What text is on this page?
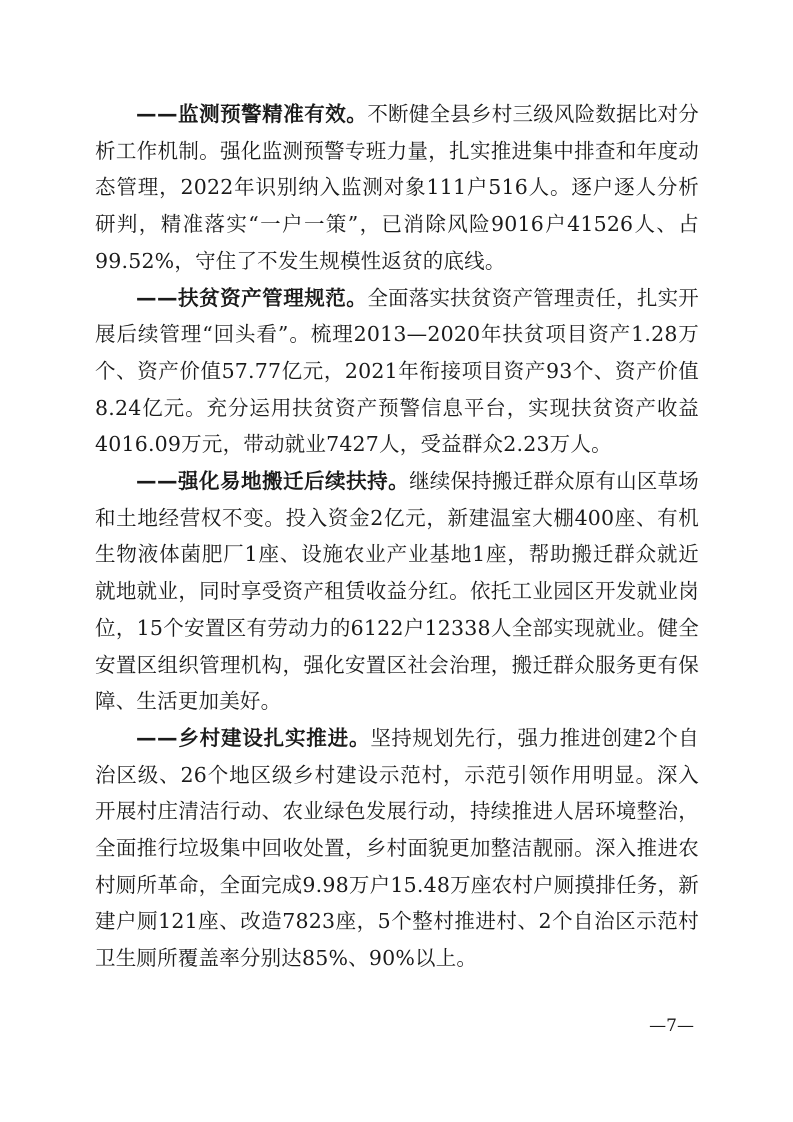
——监测预警精准有效。不断健全县乡村三级风险数据比对分析工作机制。强化监测预警专班力量，扎实推进集中排查和年度动态管理，2022年识别纳入监测对象111户516人。逐户逐人分析研判，精准落实“一户一策”，已消除风险9016户41526人、占99.52%，守住了不发生规模性返贫的底线。

——扶贫资产管理规范。全面落实扶贫资产管理责任，扎实开展后续管理“回头看”。梳理2013—2020年扶贫项目资产1.28万个、资产价值57.77亿元，2021年衔接项目资产93个、资产价值8.24亿元。充分运用扶贫资产预警信息平台，实现扶贫资产收益4016.09万元，带动就业7427人，受益群众2.23万人。

——强化易地搬迁后续扶持。继续保持搬迁群众原有山区草场和土地经营权不变。投入资金2亿元，新建温室大棚400座、有机生物液体菌肥厂1座、设施农业产业基地1座，帮助搬迁群众就近就地就业，同时享受资产租赁收益分红。依托工业园区开发就业岗位，15个安置区有劳动力的6122户12338人全部实现就业。健全安置区组织管理机构，强化安置区社会治理，搬迁群众服务更有保障、生活更加美好。

——乡村建设扎实推进。坚持规划先行，强力推进创建2个自治区级、26个地区级乡村建设示范村，示范引领作用明显。深入开展村庄清洁行动、农业绿色发展行动，持续推进人居环境整治，全面推行垃圾集中回收处置，乡村面貌更加整洁靓丽。深入推进农村厕所革命，全面完成9.98万户15.48万座农村户厕摸排任务，新建户厕121座、改造7823座，5个整村推进村、2个自治区示范村卫生厕所覆盖率分别达85%、90%以上。

—7—
